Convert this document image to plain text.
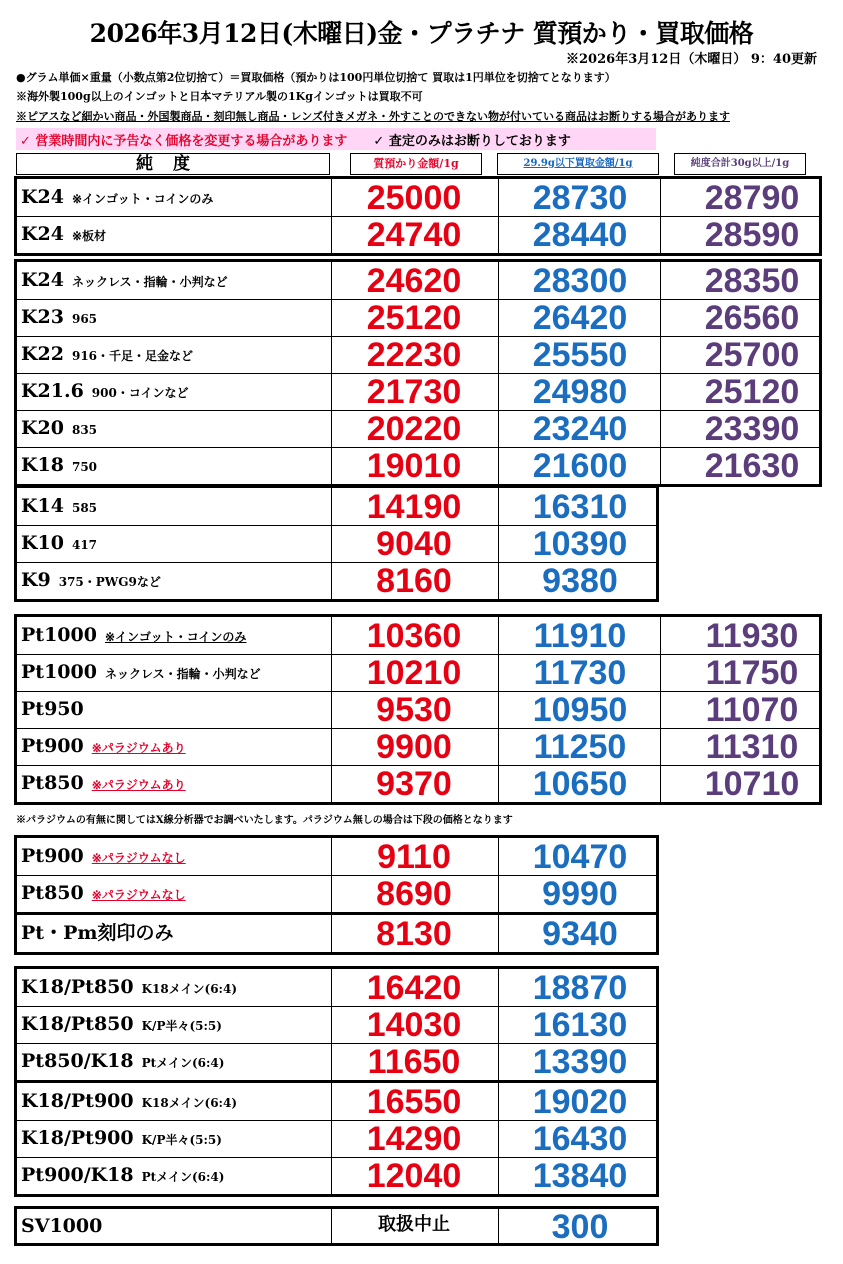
2026年3月12日(木曜日)金・プラチナ 質預かり・買取価格
※2026年3月12日（木曜日） 9：40更新
●グラム単価×重量（小数点第2位切捨て）＝買取価格（預かりは100円単位切捨て 買取は1円単位を切捨てとなります）
※海外製100g以上のインゴットと日本マテリアル製の1Kgインゴットは買取不可
※ピアスなど細かい商品・外国製商品・刻印無し商品・レンズ付きメガネ・外すことのできない物が付いている商品はお断りする場合があります
✓ 営業時間内に予告なく価格を変更する場合があります ✓ 査定のみはお断りしております
純度	質預かり金額/1g	29.9g以下買取金額/1g	純度合計30g以上/1g
K24 ※インゴット・コインのみ	25000	28730	28790
K24 ※板材	24740	28440	28590
K24 ネックレス・指輪・小判など	24620	28300	28350
K23 965	25120	26420	26560
K22 916・千足・足金など	22230	25550	25700
K21.6 900・コインなど	21730	24980	25120
K20 835	20220	23240	23390
K18 750	19010	21600	21630
K14 585	14190	16310
K10 417	9040	10390
K9 375・PWG9など	8160	9380
Pt1000 ※インゴット・コインのみ	10360	11910	11930
Pt1000 ネックレス・指輪・小判など	10210	11730	11750
Pt950	9530	10950	11070
Pt900 ※パラジウムあり	9900	11250	11310
Pt850 ※パラジウムあり	9370	10650	10710
Pt900 ※パラジウムなし	9110	10470
Pt850 ※パラジウムなし	8690	9990
Pt・Pm刻印のみ	8130	9340
K18/Pt850 K18メイン(6:4)	16420	18870
K18/Pt850 K/P半々(5:5)	14030	16130
Pt850/K18 Ptメイン(6:4)	11650	13390
K18/Pt900 K18メイン(6:4)	16550	19020
K18/Pt900 K/P半々(5:5)	14290	16430
Pt900/K18 Ptメイン(6:4)	12040	13840
SV1000	取扱中止	300
※パラジウムの有無に関してはX線分析器でお調べいたします。パラジウム無しの場合は下段の価格となります
